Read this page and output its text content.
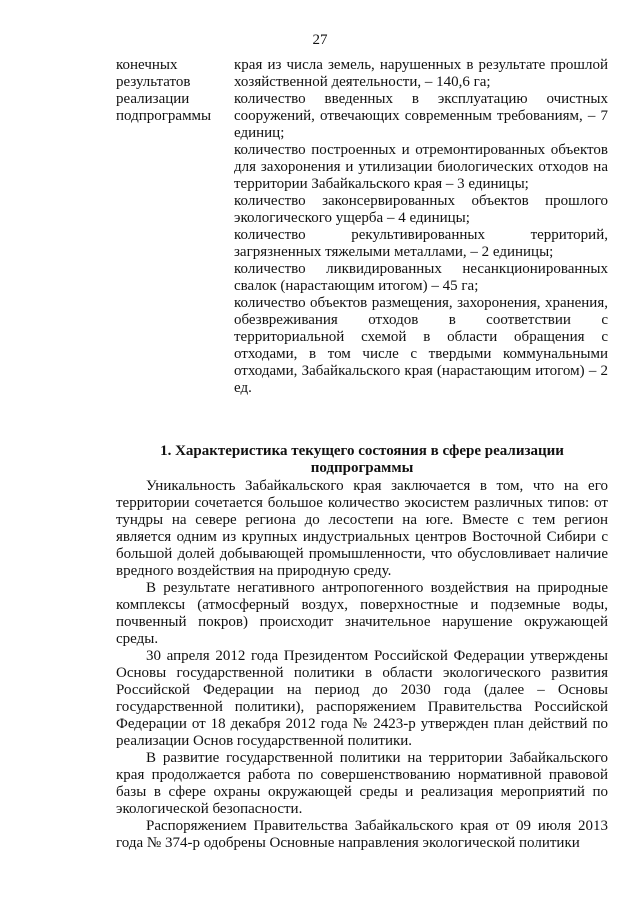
27
конечных
результатов
реализации
подпрограммы

края из числа земель, нарушенных в результате прошлой хозяйственной деятельности, – 140,6 га;

количество введенных в эксплуатацию очистных сооружений, отвечающих современным требованиям, – 7 единиц;

количество построенных и отремонтированных объектов для захоронения и утилизации биологических отходов на территории Забайкальского края – 3 единицы;

количество законсервированных объектов прошлого экологического ущерба – 4 единицы;

количество рекультивированных территорий, загрязненных тяжелыми металлами, – 2 единицы;

количество ликвидированных несанкционированных свалок (нарастающим итогом) – 45 га;

количество объектов размещения, захоронения, хранения, обезвреживания отходов в соответствии с территориальной схемой в области обращения с отходами, в том числе с твердыми коммунальными отходами, Забайкальского края (нарастающим итогом) – 2 ед.

1. Характеристика текущего состояния в сфере реализации
подпрограммы

Уникальность Забайкальского края заключается в том, что на его территории сочетается большое количество экосистем различных типов: от тундры на севере региона до лесостепи на юге. Вместе с тем регион является одним из крупных индустриальных центров Восточной Сибири с большой долей добывающей промышленности, что обусловливает наличие вредного воздействия на природную среду.

В результате негативного антропогенного воздействия на природные комплексы (атмосферный воздух, поверхностные и подземные воды, почвенный покров) происходит значительное нарушение окружающей среды.

30 апреля 2012 года Президентом Российской Федерации утверждены Основы государственной политики в области экологического развития Российской Федерации на период до 2030 года (далее – Основы государственной политики), распоряжением Правительства Российской Федерации от 18 декабря 2012 года № 2423-р утвержден план действий по реализации Основ государственной политики.

В развитие государственной политики на территории Забайкальского края продолжается работа по совершенствованию нормативной правовой базы в сфере охраны окружающей среды и реализация мероприятий по экологической безопасности.

Распоряжением Правительства Забайкальского края от 09 июля 2013 года № 374-р одобрены Основные направления экологической политики
